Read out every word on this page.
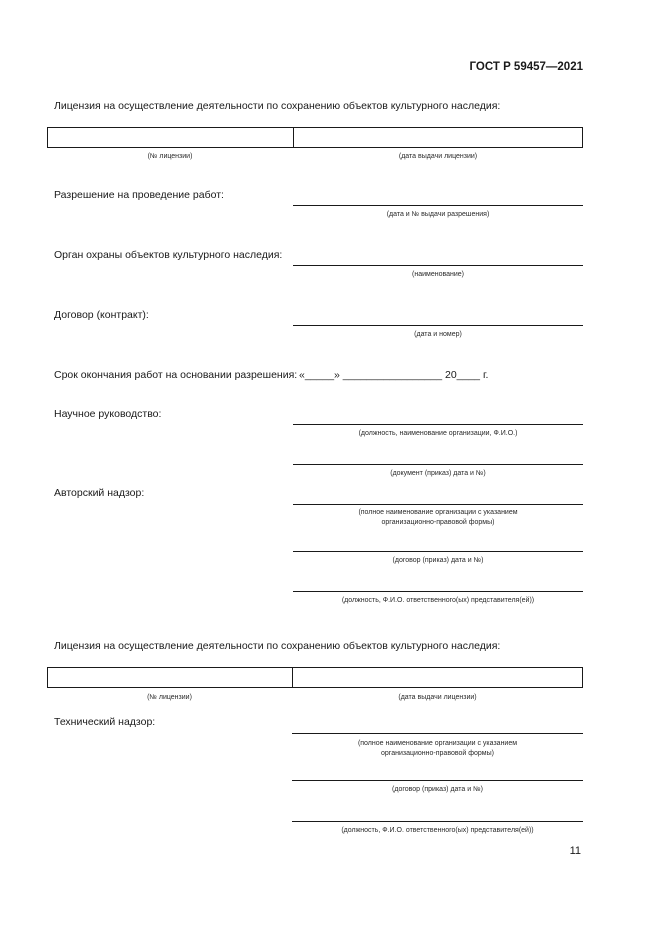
ГОСТ Р 59457—2021
Лицензия на осуществление деятельности по сохранению объектов культурного наследия:
(№ лицензии)	(дата выдачи лицензии)
Разрешение на проведение работ:
(дата и № выдачи разрешения)
Орган охраны объектов культурного наследия:
(наименование)
Договор (контракт):
(дата и номер)
Срок окончания работ на основании разрешения: «_____» _________________ 20____ г.
Научное руководство:
(должность, наименование организации, Ф.И.О.)
(документ (приказ) дата и №)
Авторский надзор:
(полное наименование организации с указанием
организационно-правовой формы)
(договор (приказ) дата и №)
(должность, Ф.И.О. ответственного(ых) представителя(ей))
Лицензия на осуществление деятельности по сохранению объектов культурного наследия:
(№ лицензии)	(дата выдачи лицензии)
Технический надзор:
(полное наименование организации с указанием
организационно-правовой формы)
(договор (приказ) дата и №)
(должность, Ф.И.О. ответственного(ых) представителя(ей))
11
